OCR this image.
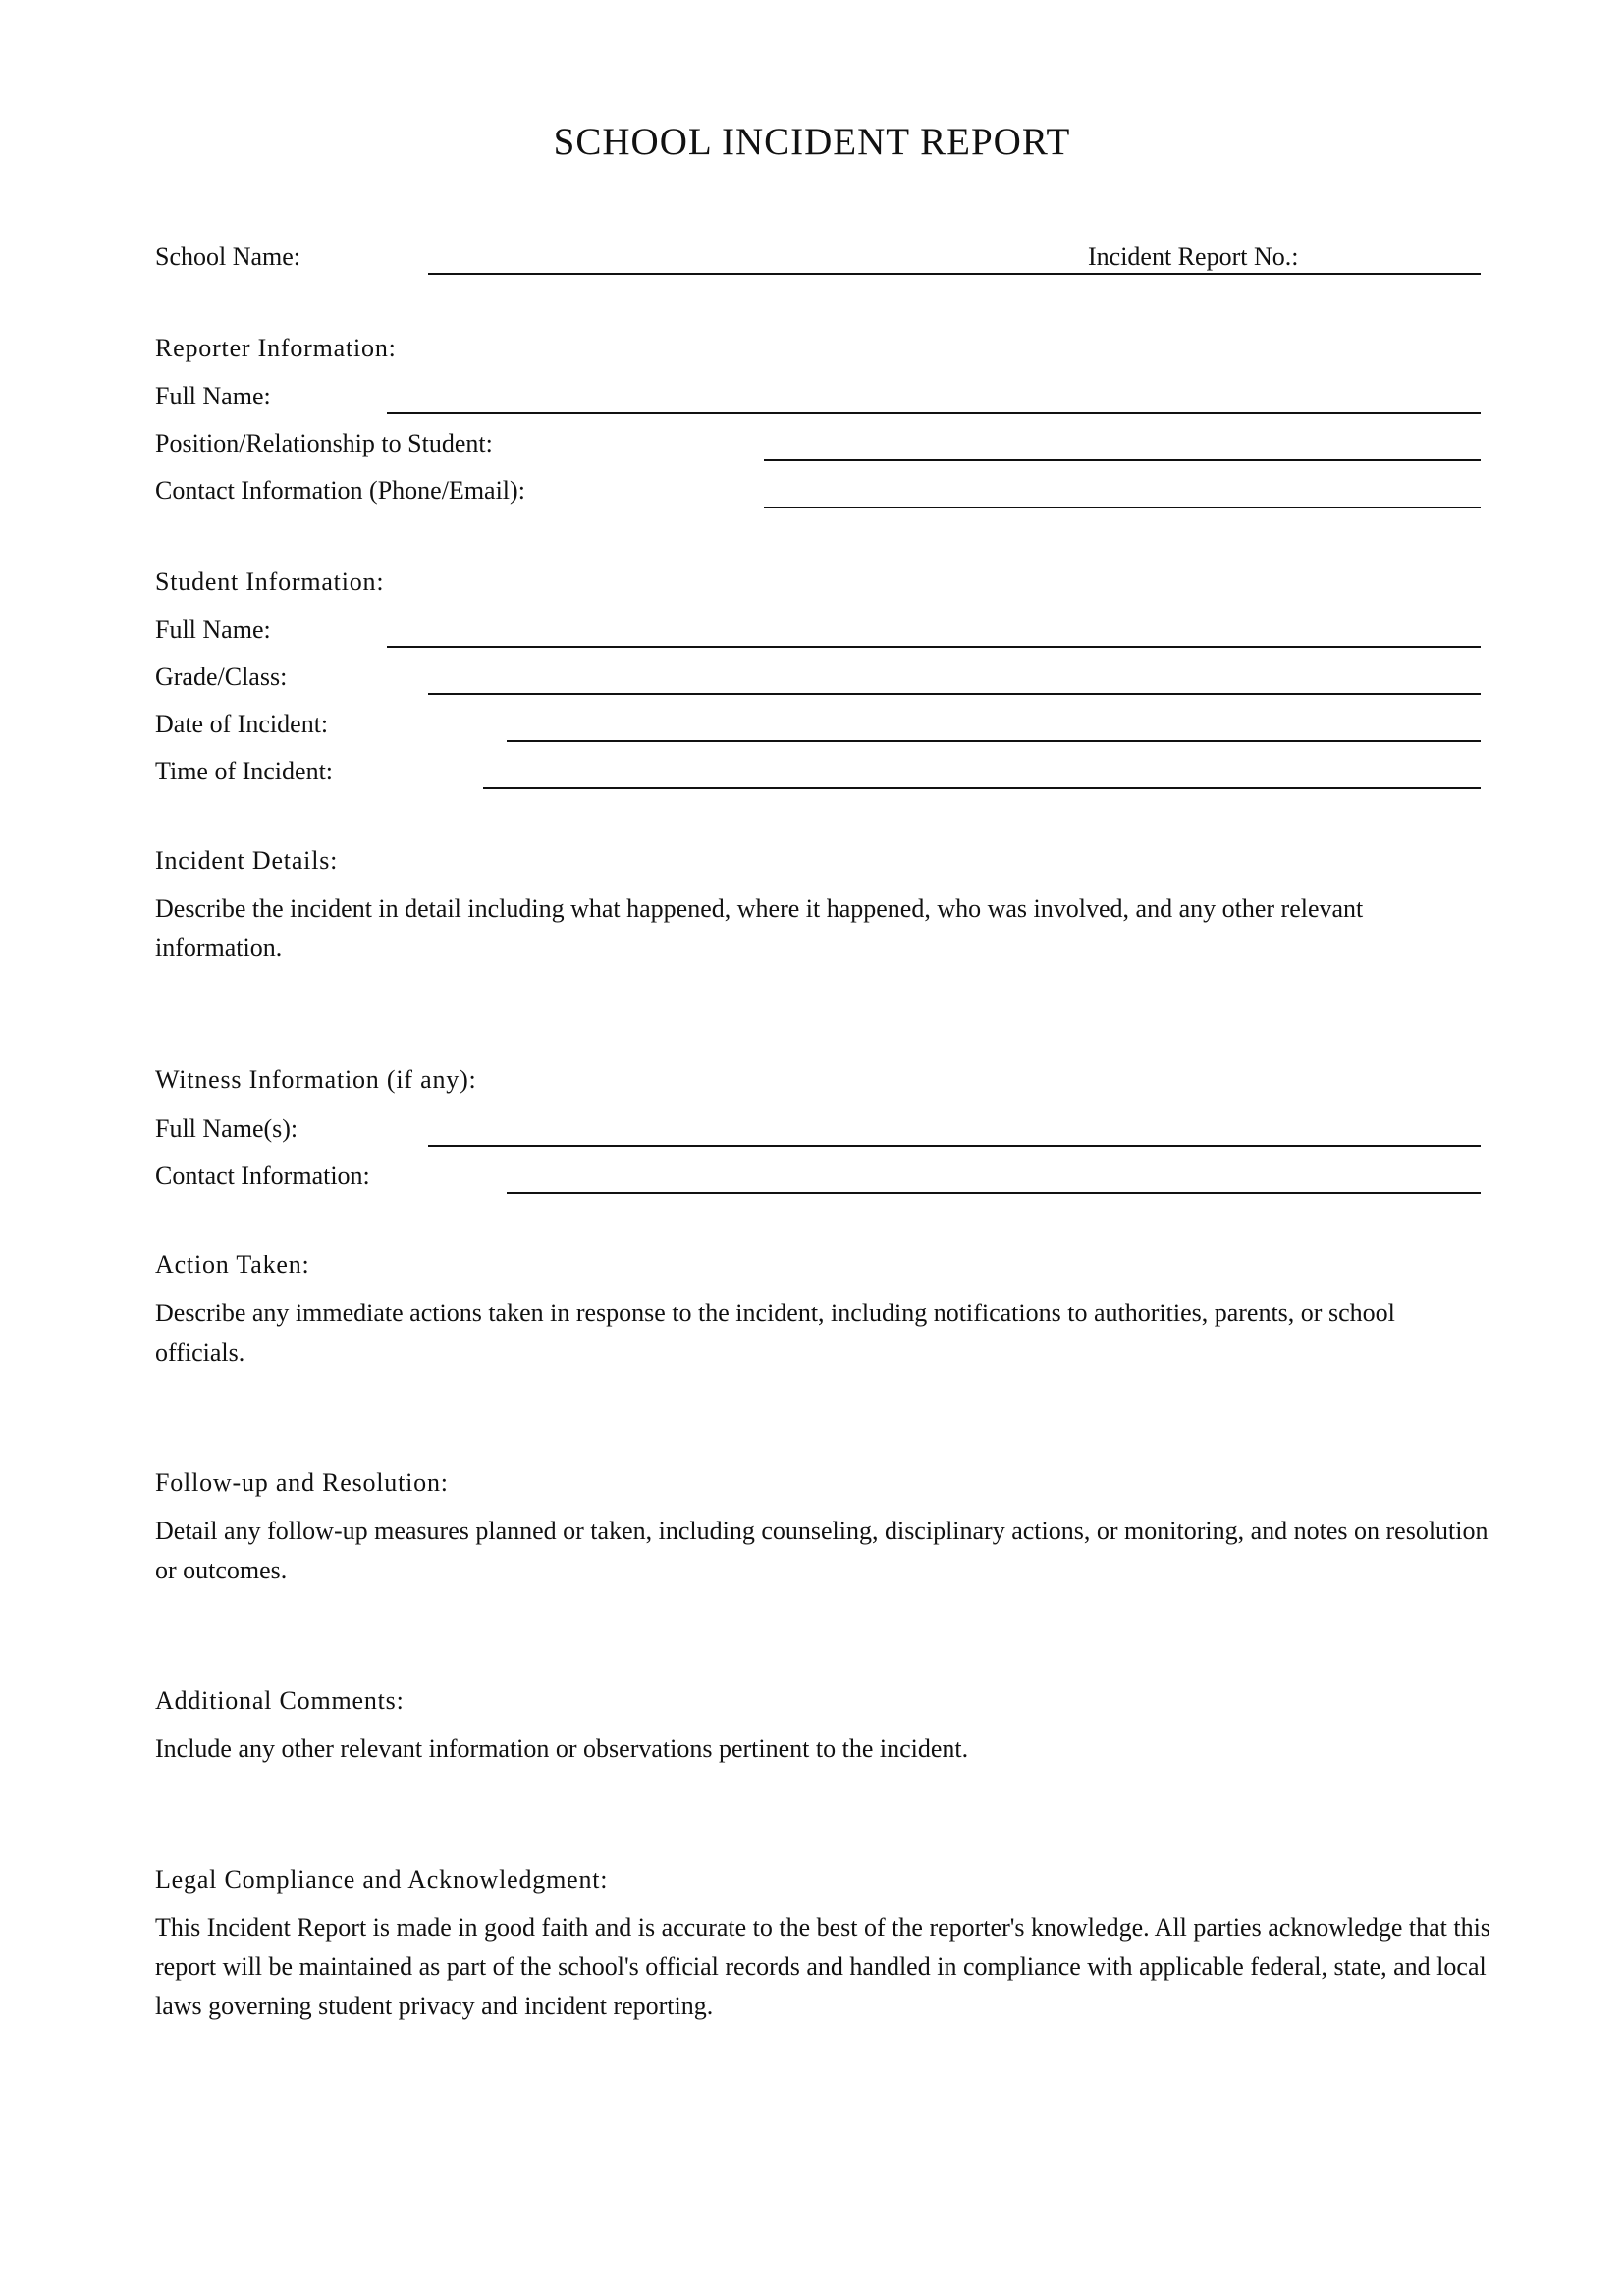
SCHOOL INCIDENT REPORT
School Name:	Incident Report No.:
Reporter Information:
Full Name:
Position/Relationship to Student:
Contact Information (Phone/Email):
Student Information:
Full Name:
Grade/Class:
Date of Incident:
Time of Incident:
Incident Details:
Describe the incident in detail including what happened, where it happened, who was involved, and any other relevant information.
Witness Information (if any):
Full Name(s):
Contact Information:
Action Taken:
Describe any immediate actions taken in response to the incident, including notifications to authorities, parents, or school officials.
Follow-up and Resolution:
Detail any follow-up measures planned or taken, including counseling, disciplinary actions, or monitoring, and notes on resolution or outcomes.
Additional Comments:
Include any other relevant information or observations pertinent to the incident.
Legal Compliance and Acknowledgment:
This Incident Report is made in good faith and is accurate to the best of the reporter's knowledge. All parties acknowledge that this report will be maintained as part of the school's official records and handled in compliance with applicable federal, state, and local laws governing student privacy and incident reporting.
